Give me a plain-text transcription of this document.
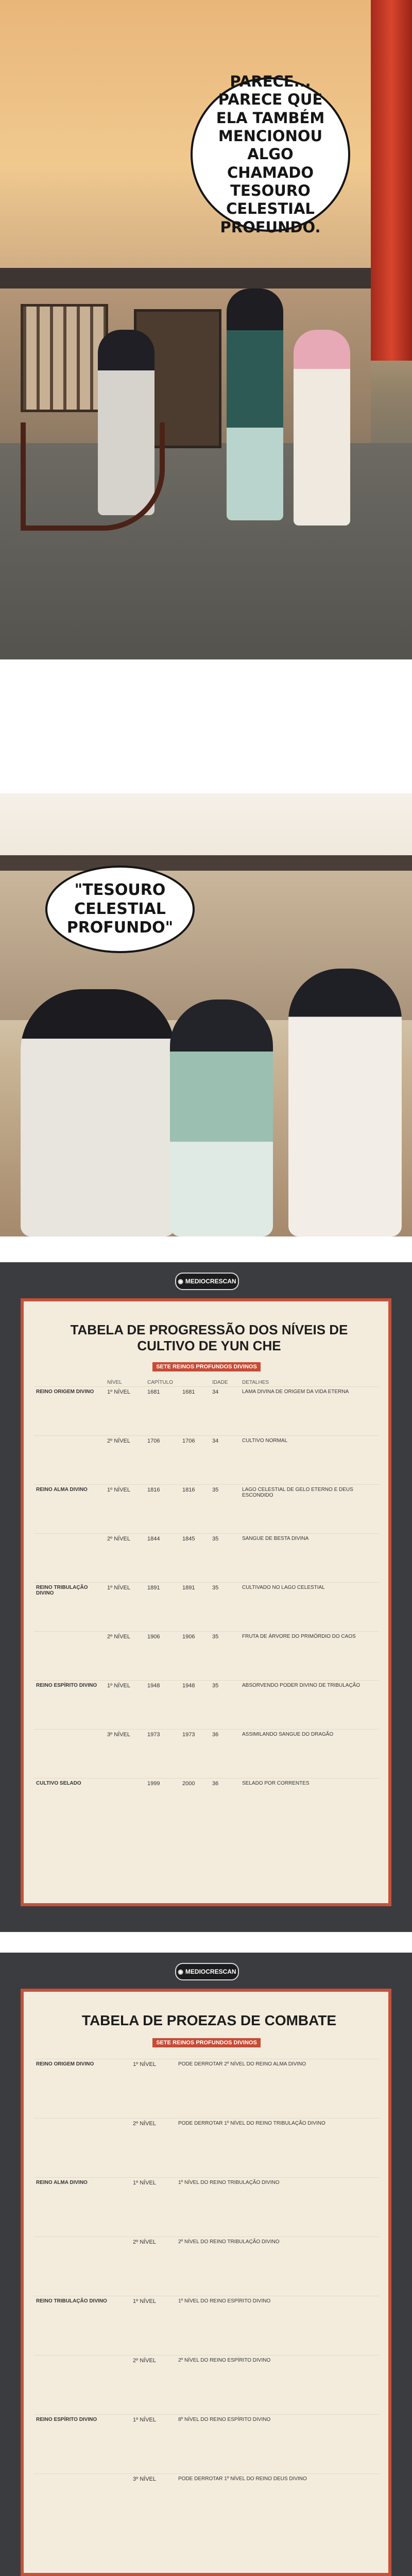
PARECE... PARECE QUE ELA TAMBÉM MENCIONOU ALGO CHAMADO TESOURO CELESTIAL PROFUNDO.
"TESOURO CELESTIAL PROFUNDO"
◉ MEDIOCRESCAN
TABELA DE PROGRESSÃO DOS NÍVEIS DE CULTIVO DE YUN CHE
SETE REINOS PROFUNDOS DIVINOS
	NÍVEL	CAPÍTULO		IDADE	DETALHES
REINO ORIGEM DIVINO	1º NÍVEL	1681	1681	34	LAMA DIVINA DE ORIGEM DA VIDA ETERNA
	2º NÍVEL	1706	1706	34	CULTIVO NORMAL
REINO ALMA DIVINO	1º NÍVEL	1816	1816	35	LAGO CELESTIAL DE GELO ETERNO E DEUS ESCONDIDO
	2º NÍVEL	1844	1845	35	SANGUE DE BESTA DIVINA
REINO TRIBULAÇÃO DIVINO	1º NÍVEL	1891	1891	35	CULTIVADO NO LAGO CELESTIAL
	2º NÍVEL	1906	1906	35	FRUTA DE ÁRVORE DO PRIMÓRDIO DO CAOS
REINO ESPÍRITO DIVINO	1º NÍVEL	1948	1948	35	ABSORVENDO PODER DIVINO DE TRIBULAÇÃO
	3º NÍVEL	1973	1973	36	ASSIMILANDO SANGUE DO DRAGÃO
CULTIVO SELADO		1999	2000	36	SELADO POR CORRENTES
◉ MEDIOCRESCAN
TABELA DE PROEZAS DE COMBATE
SETE REINOS PROFUNDOS DIVINOS
REINO ORIGEM DIVINO	1º NÍVEL	PODE DERROTAR 2º NÍVEL DO REINO ALMA DIVINO
	2º NÍVEL	PODE DERROTAR 1º NÍVEL DO REINO TRIBULAÇÃO DIVINO
REINO ALMA DIVINO	1º NÍVEL	1º NÍVEL DO REINO TRIBULAÇÃO DIVINO
	2º NÍVEL	2º NÍVEL DO REINO TRIBULAÇÃO DIVINO
REINO TRIBULAÇÃO DIVINO	1º NÍVEL	1º NÍVEL DO REINO ESPÍRITO DIVINO
	2º NÍVEL	2º NÍVEL DO REINO ESPÍRITO DIVINO
REINO ESPÍRITO DIVINO	1º NÍVEL	8º NÍVEL DO REINO ESPÍRITO DIVINO
	3º NÍVEL	PODE DERROTAR 1º NÍVEL DO REINO DEUS DIVINO
